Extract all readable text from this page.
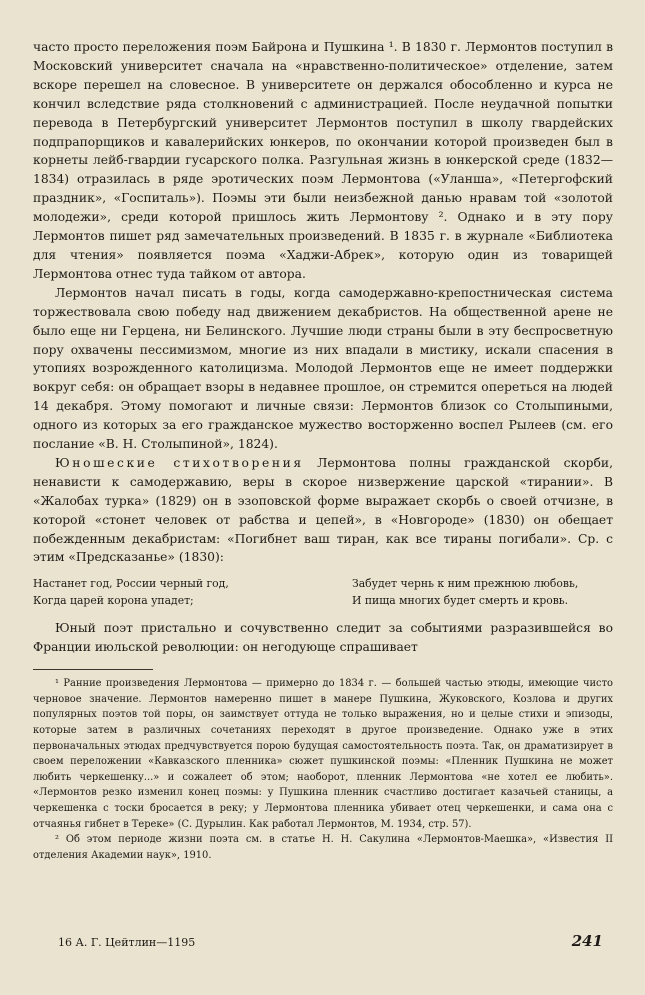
часто просто переложения поэм Байрона и Пушкина ¹. В 1830 г. Лермонтов поступил в Московский университет сначала на «нравственно-политическое» отделение, затем вскоре перешел на словесное. В университете он держался обособленно и курса не кончил вследствие ряда столкновений с администрацией. После неудачной попытки перевода в Петербургский университет Лермонтов поступил в школу гвардейских подпрапорщиков и кавалерийских юнкеров, по окончании которой произведен был в корнеты лейб-гвардии гусарского полка. Разгульная жизнь в юнкерской среде (1832—1834) отразилась в ряде эротических поэм Лермонтова («Уланша», «Петергофский праздник», «Госпиталь»). Поэмы эти были неизбежной данью нравам той «золотой молодежи», среди которой пришлось жить Лермонтову ². Однако и в эту пору Лермонтов пишет ряд замечательных произведений. В 1835 г. в журнале «Библиотека для чтения» появляется поэма «Хаджи-Абрек», которую один из товарищей Лермонтова отнес туда тайком от автора.

Лермонтов начал писать в годы, когда самодержавно-крепостническая система торжествовала свою победу над движением декабристов. На общественной арене не было еще ни Герцена, ни Белинского. Лучшие люди страны были в эту беспросветную пору охвачены пессимизмом, многие из них впадали в мистику, искали спасения в утопиях возрожденного католицизма. Молодой Лермонтов еще не имеет поддержки вокруг себя: он обращает взоры в недавнее прошлое, он стремится опереться на людей 14 декабря. Этому помогают и личные связи: Лермонтов близок со Столыпиными, одного из которых за его гражданское мужество восторженно воспел Рылеев (см. его послание «В. Н. Столыпиной», 1824).

Юношеские стихотворения Лермонтова полны гражданской скорби, ненависти к самодержавию, веры в скорое низвержение царской «тирании». В «Жалобах турка» (1829) он в эзоповской форме выражает скорбь о своей отчизне, в которой «стонет человек от рабства и цепей», в «Новгороде» (1830) он обещает побежденным декабристам: «Погибнет ваш тиран, как все тираны погибали». Ср. с этим «Предсказанье» (1830):

Настанет год, России черный год,
Когда царей корона упадет;
Забудет чернь к ним прежнюю любовь,
И пища многих будет смерть и кровь.

Юный поэт пристально и сочувственно следит за событиями разразившейся во Франции июльской революции: он негодующе спрашивает

¹ Ранние произведения Лермонтова — примерно до 1834 г. — большей частью этюды, имеющие чисто черновое значение. Лермонтов намеренно пишет в манере Пушкина, Жуковского, Козлова и других популярных поэтов той поры, он заимствует оттуда не только выражения, но и целые стихи и эпизоды, которые затем в различных сочетаниях переходят в другое произведение. Однако уже в этих первоначальных этюдах предчувствуется порою будущая самостоятельность поэта. Так, он драматизирует в своем переложении «Кавказского пленника» сюжет пушкинской поэмы: «Пленник Пушкина не может любить черкешенку...» и сожалеет об этом; наоборот, пленник Лермонтова «не хотел ее любить». «Лермонтов резко изменил конец поэмы: у Пушкина пленник счастливо достигает казачьей станицы, а черкешенка с тоски бросается в реку; у Лермонтова пленника убивает отец черкешенки, и сама она с отчаянья гибнет в Тереке» (С. Дурылин. Как работал Лермонтов, М. 1934, стр. 57).

² Об этом периоде жизни поэта см. в статье Н. Н. Сакулина «Лермонтов-Маешка», «Известия II отделения Академии наук», 1910.

16 А. Г. Цейтлин—1195	241
